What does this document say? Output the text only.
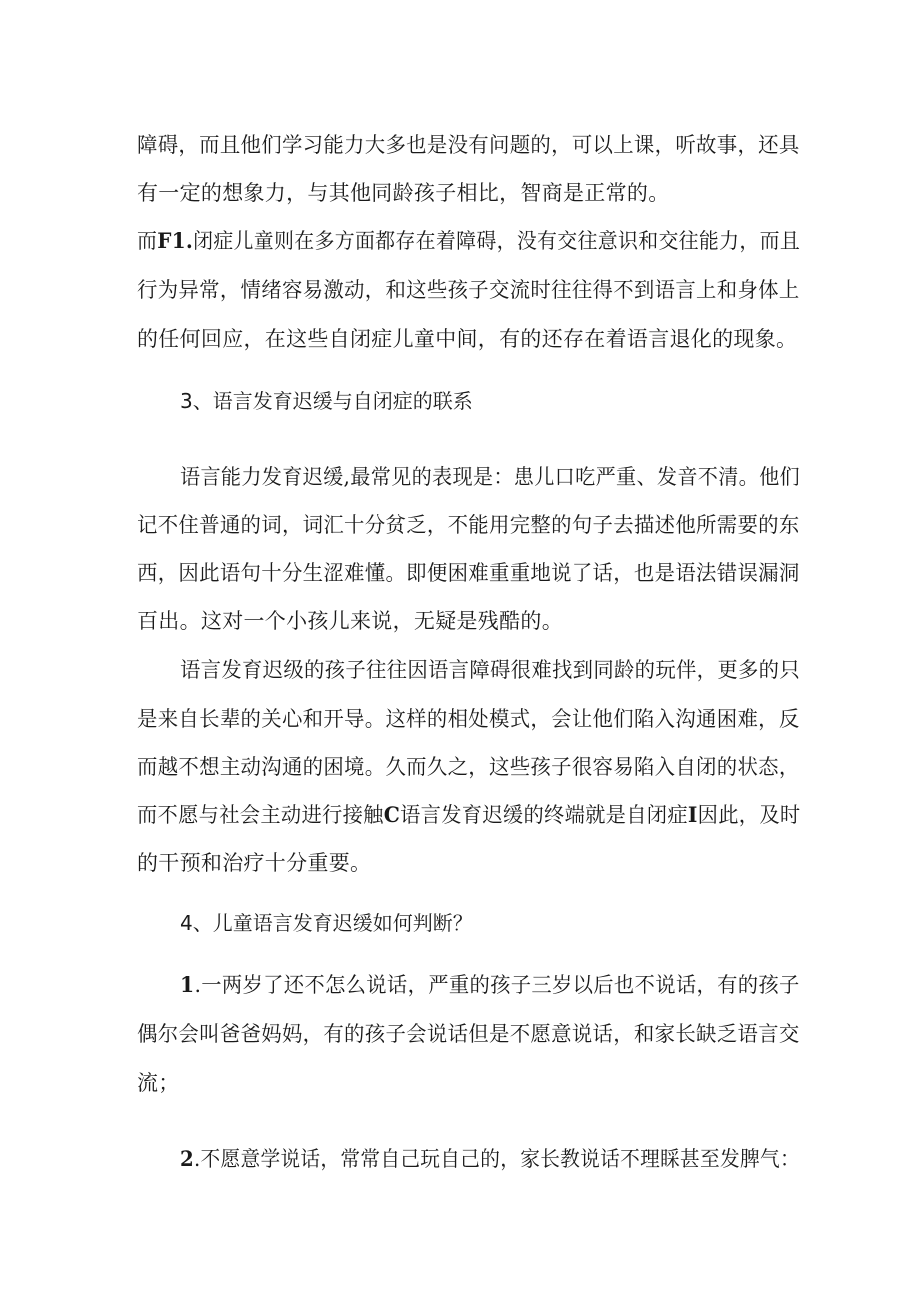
障碍，而且他们学习能力大多也是没有问题的，可以上课，听故事，还具
有一定的想象力，与其他同龄孩子相比，智商是正常的。
而F1.闭症儿童则在多方面都存在着障碍，没有交往意识和交往能力，而且
行为异常，情绪容易激动，和这些孩子交流时往往得不到语言上和身体上
的任何回应，在这些自闭症儿童中间，有的还存在着语言退化的现象。
3、语言发育迟缓与自闭症的联系
语言能力发育迟缓,最常见的表现是：患儿口吃严重、发音不清。他们
记不住普通的词，词汇十分贫乏，不能用完整的句子去描述他所需要的东
西，因此语句十分生涩难懂。即便困难重重地说了话，也是语法错误漏洞
百出。这对一个小孩儿来说，无疑是残酷的。
语言发育迟级的孩子往往因语言障碍很难找到同龄的玩伴，更多的只
是来自长辈的关心和开导。这样的相处模式，会让他们陷入沟通困难，反
而越不想主动沟通的困境。久而久之，这些孩子很容易陷入自闭的状态，
而不愿与社会主动进行接触C语言发育迟缓的终端就是自闭症I因此，及时
的干预和治疗十分重要。
4、儿童语言发育迟缓如何判断？
1.一两岁了还不怎么说话，严重的孩子三岁以后也不说话，有的孩子
偶尔会叫爸爸妈妈，有的孩子会说话但是不愿意说话，和家长缺乏语言交
流；
2.不愿意学说话，常常自己玩自己的，家长教说话不理睬甚至发脾气：
